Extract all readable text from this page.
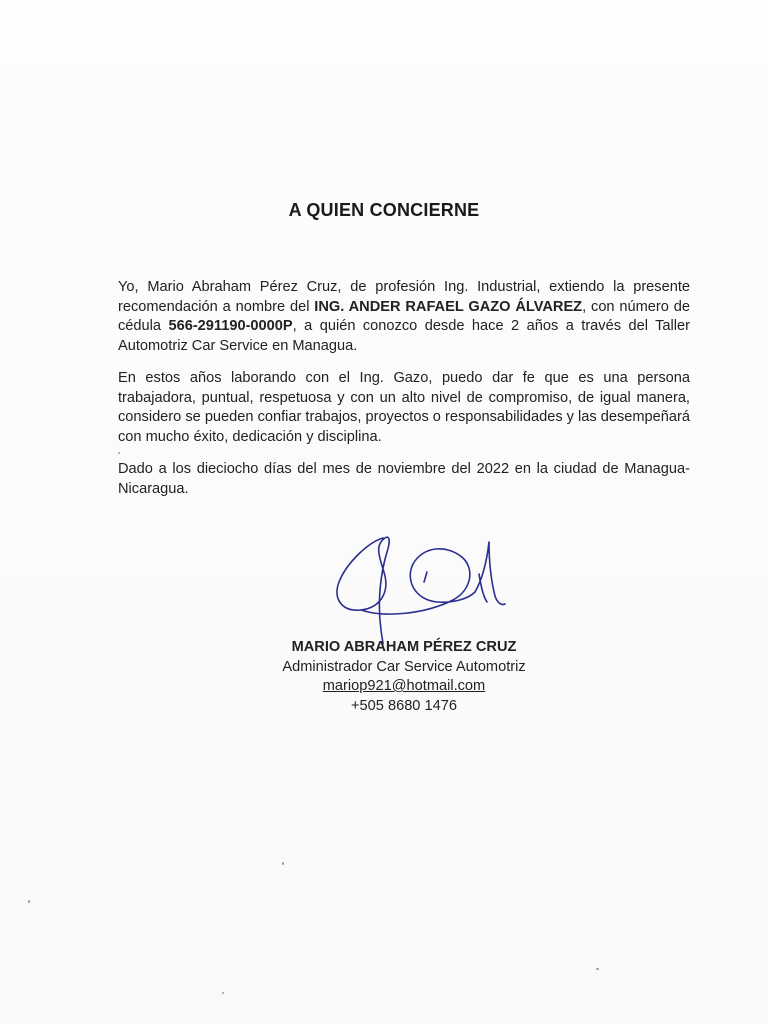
A QUIEN CONCIERNE
Yo, Mario Abraham Pérez Cruz, de profesión Ing. Industrial, extiendo la presente recomendación a nombre del ING. ANDER RAFAEL GAZO ÁLVAREZ, con número de cédula 566-291190-0000P, a quién conozco desde hace 2 años a través del Taller Automotriz Car Service en Managua.
En estos años laborando con el Ing. Gazo, puedo dar fe que es una persona trabajadora, puntual, respetuosa y con un alto nivel de compromiso, de igual manera, considero se pueden confiar trabajos, proyectos o responsabilidades y las desempeñará con mucho éxito, dedicación y disciplina.
Dado a los dieciocho días del mes de noviembre del 2022 en la ciudad de Managua-Nicaragua.
MARIO ABRAHAM PÉREZ CRUZ
Administrador Car Service Automotriz
mariop921@hotmail.com
+505 8680 1476
